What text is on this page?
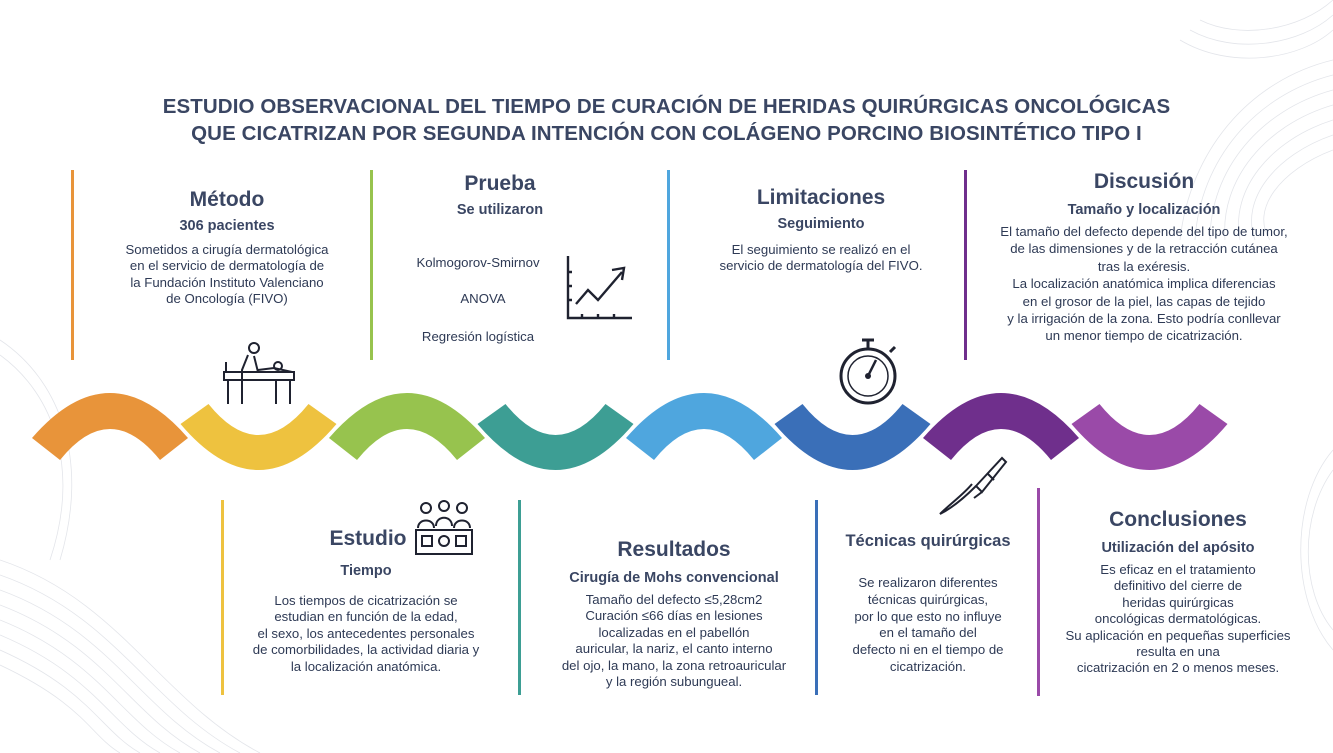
ESTUDIO OBSERVACIONAL DEL TIEMPO DE CURACIÓN DE HERIDAS QUIRÚRGICAS ONCOLÓGICAS
QUE CICATRIZAN POR SEGUNDA INTENCIÓN CON COLÁGENO PORCINO BIOSINTÉTICO TIPO I
Método
306 pacientes
Sometidos a cirugía dermatológica
en el servicio de dermatología de
la Fundación Instituto Valenciano
de Oncología (FIVO)
Prueba
Se utilizaron
Kolmogorov-Smirnov
ANOVA
Regresión logística
Limitaciones
Seguimiento
El seguimiento se realizó en el
servicio de dermatología del FIVO.
Discusión
Tamaño y localización
El tamaño del defecto depende del tipo de tumor,
de las dimensiones y de la retracción cutánea
tras la exéresis.
La localización anatómica implica diferencias
en el grosor de la piel, las capas de tejido
y la irrigación de la zona. Esto podría conllevar
un menor tiempo de cicatrización.
Estudio
Tiempo
Los tiempos de cicatrización se
estudian en función de la edad,
el sexo, los antecedentes personales
de comorbilidades, la actividad diaria y
la localización anatómica.
Resultados
Cirugía de Mohs convencional
Tamaño del defecto ≤5,28cm2
Curación ≤66 días en lesiones
localizadas en el pabellón
auricular, la nariz, el canto interno
del ojo, la mano, la zona retroauricular
y la región subungueal.
Técnicas quirúrgicas
Se realizaron diferentes
técnicas quirúrgicas,
por lo que esto no influye
en el tamaño del
defecto ni en el tiempo de
cicatrización.
Conclusiones
Utilización del apósito
Es eficaz en el tratamiento
definitivo del cierre de
heridas quirúrgicas
oncológicas dermatológicas.
Su aplicación en pequeñas superficies
resulta en una
cicatrización en 2 o menos meses.
